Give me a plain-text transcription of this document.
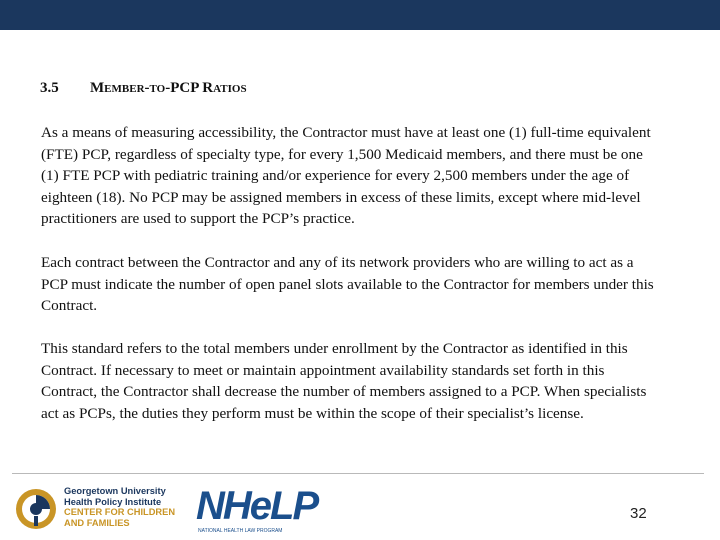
3.5 MEMBER-TO-PCP RATIOS

As a means of measuring accessibility, the Contractor must have at least one (1) full-time equivalent (FTE) PCP, regardless of specialty type, for every 1,500 Medicaid members, and there must be one (1) FTE PCP with pediatric training and/or experience for every 2,500 members under the age of eighteen (18). No PCP may be assigned members in excess of these limits, except where mid-level practitioners are used to support the PCP’s practice.

Each contract between the Contractor and any of its network providers who are willing to act as a PCP must indicate the number of open panel slots available to the Contractor for members under this Contract.

This standard refers to the total members under enrollment by the Contractor as identified in this Contract. If necessary to meet or maintain appointment availability standards set forth in this Contract, the Contractor shall decrease the number of members assigned to a PCP. When specialists act as PCPs, the duties they perform must be within the scope of their specialist’s license.

Georgetown University
Health Policy Institute
CENTER FOR CHILDREN
AND FAMILIES	NHeLP
NATIONAL HEALTH LAW PROGRAM
32
